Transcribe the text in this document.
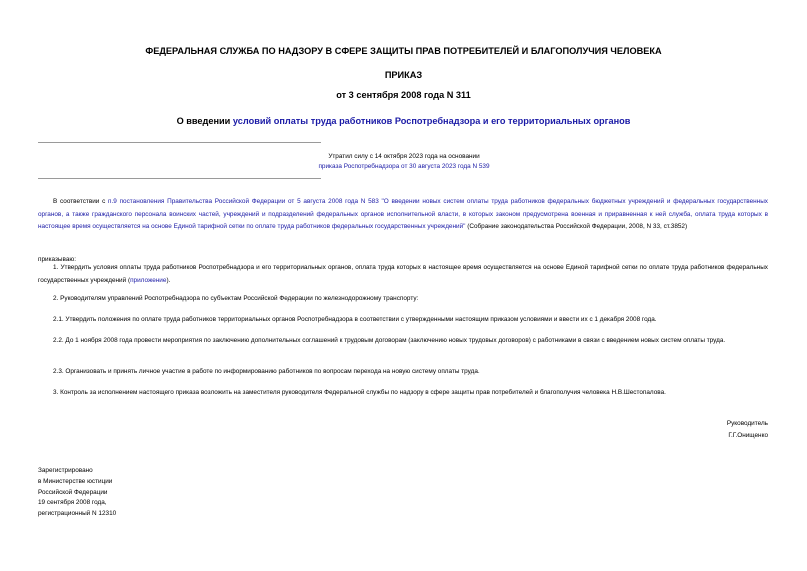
ФЕДЕРАЛЬНАЯ СЛУЖБА ПО НАДЗОРУ В СФЕРЕ ЗАЩИТЫ ПРАВ ПОТРЕБИТЕЛЕЙ И БЛАГОПОЛУЧИЯ ЧЕЛОВЕКА
ПРИКАЗ
от 3 сентября 2008 года N 311
О введении условий оплаты труда работников Роспотребнадзора и его территориальных органов
Утратил силу с 14 октября 2023 года на основании
приказа Роспотребнадзора от 30 августа 2023 года N 539
В соответствии с п.9 постановления Правительства Российской Федерации от 5 августа 2008 года N 583 "О введении новых систем оплаты труда работников федеральных бюджетных учреждений и федеральных государственных органов, а также гражданского персонала воинских частей, учреждений и подразделений федеральных органов исполнительной власти, в которых законом предусмотрена военная и приравненная к ней служба, оплата труда которых в настоящее время осуществляется на основе Единой тарифной сетки по оплате труда работников федеральных государственных учреждений" (Собрание законодательства Российской Федерации, 2008, N 33, ст.3852)
приказываю:
1. Утвердить условия оплаты труда работников Роспотребнадзора и его территориальных органов, оплата труда которых в настоящее время осуществляется на основе Единой тарифной сетки по оплате труда работников федеральных государственных учреждений (приложение).
2. Руководителям управлений Роспотребнадзора по субъектам Российской Федерации по железнодорожному транспорту:
2.1. Утвердить положения по оплате труда работников территориальных органов Роспотребнадзора в соответствии с утвержденными настоящим приказом условиями и ввести их с 1 декабря 2008 года.
2.2. До 1 ноября 2008 года провести мероприятия по заключению дополнительных соглашений к трудовым договорам (заключению новых трудовых договоров) с работниками в связи с введением новых систем оплаты труда.
2.3. Организовать и принять личное участие в работе по информированию работников по вопросам перехода на новую систему оплаты труда.
3. Контроль за исполнением настоящего приказа возложить на заместителя руководителя Федеральной службы по надзору в сфере защиты прав потребителей и благополучия человека Н.В.Шестопалова.
Руководитель
Г.Г.Онищенко
Зарегистрировано
в Министерстве юстиции
Российской Федерации
19 сентября 2008 года,
регистрационный N 12310
